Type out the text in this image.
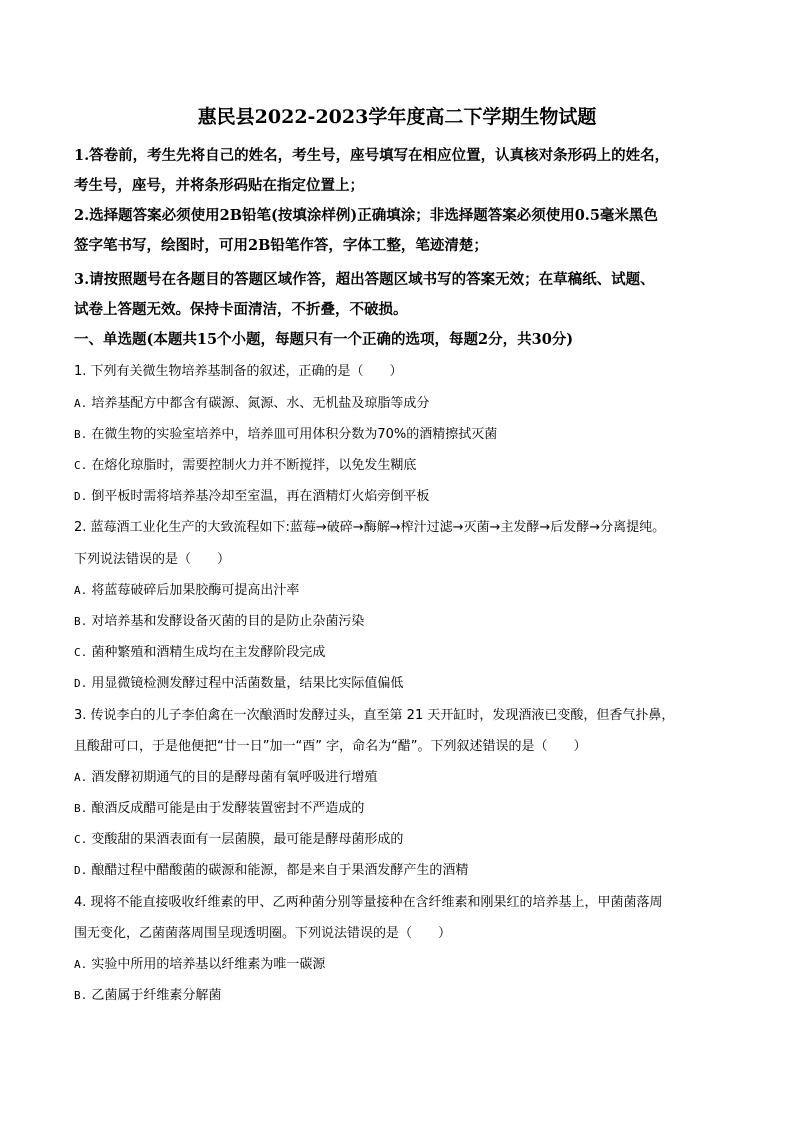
惠民县2022-2023学年度高二下学期生物试题

1.答卷前，考生先将自己的姓名，考生号，座号填写在相应位置，认真核对条形码上的姓名，

考生号，座号，并将条形码贴在指定位置上；

2.选择题答案必须使用2B铅笔(按填涂样例)正确填涂；非选择题答案必须使用0.5毫米黑色

签字笔书写，绘图时，可用2B铅笔作答，字体工整，笔迹清楚；

3.请按照题号在各题目的答题区域作答，超出答题区域书写的答案无效；在草稿纸、试题、

试卷上答题无效。保持卡面清洁，不折叠，不破损。

一、单选题(本题共15个小题，每题只有一个正确的选项，每题2分，共30分)

1. 下列有关微生物培养基制备的叙述，正确的是（　　）

A. 培养基配方中都含有碳源、氮源、水、无机盐及琼脂等成分

B. 在微生物的实验室培养中，培养皿可用体积分数为70%的酒精擦拭灭菌

C. 在熔化琼脂时，需要控制火力并不断搅拌，以免发生糊底

D. 倒平板时需将培养基冷却至室温，再在酒精灯火焰旁倒平板

2. 蓝莓酒工业化生产的大致流程如下:蓝莓→破碎→酶解→榨汁过滤→灭菌→主发酵→后发酵→分离提纯。

下列说法错误的是（　　）

A. 将蓝莓破碎后加果胶酶可提高出汁率

B. 对培养基和发酵设备灭菌的目的是防止杂菌污染

C. 菌种繁殖和酒精生成均在主发酵阶段完成

D. 用显微镜检测发酵过程中活菌数量，结果比实际值偏低

3. 传说李白的儿子李伯禽在一次酿酒时发酵过头，直至第 21 天开缸时，发现酒液已变酸，但香气扑鼻，

且酸甜可口，于是他便把“廿一日”加一“酉” 字，命名为“醋”。下列叙述错误的是（　　）

A. 酒发酵初期通气的目的是酵母菌有氧呼吸进行增殖

B. 酿酒反成醋可能是由于发酵装置密封不严造成的

C. 变酸甜的果酒表面有一层菌膜，最可能是酵母菌形成的

D. 酿醋过程中醋酸菌的碳源和能源，都是来自于果酒发酵产生的酒精

4. 现将不能直接吸收纤维素的甲、乙两种菌分别等量接种在含纤维素和刚果红的培养基上，甲菌菌落周

围无变化，乙菌菌落周围呈现透明圈。下列说法错误的是（　　）

A. 实验中所用的培养基以纤维素为唯一碳源

B. 乙菌属于纤维素分解菌
